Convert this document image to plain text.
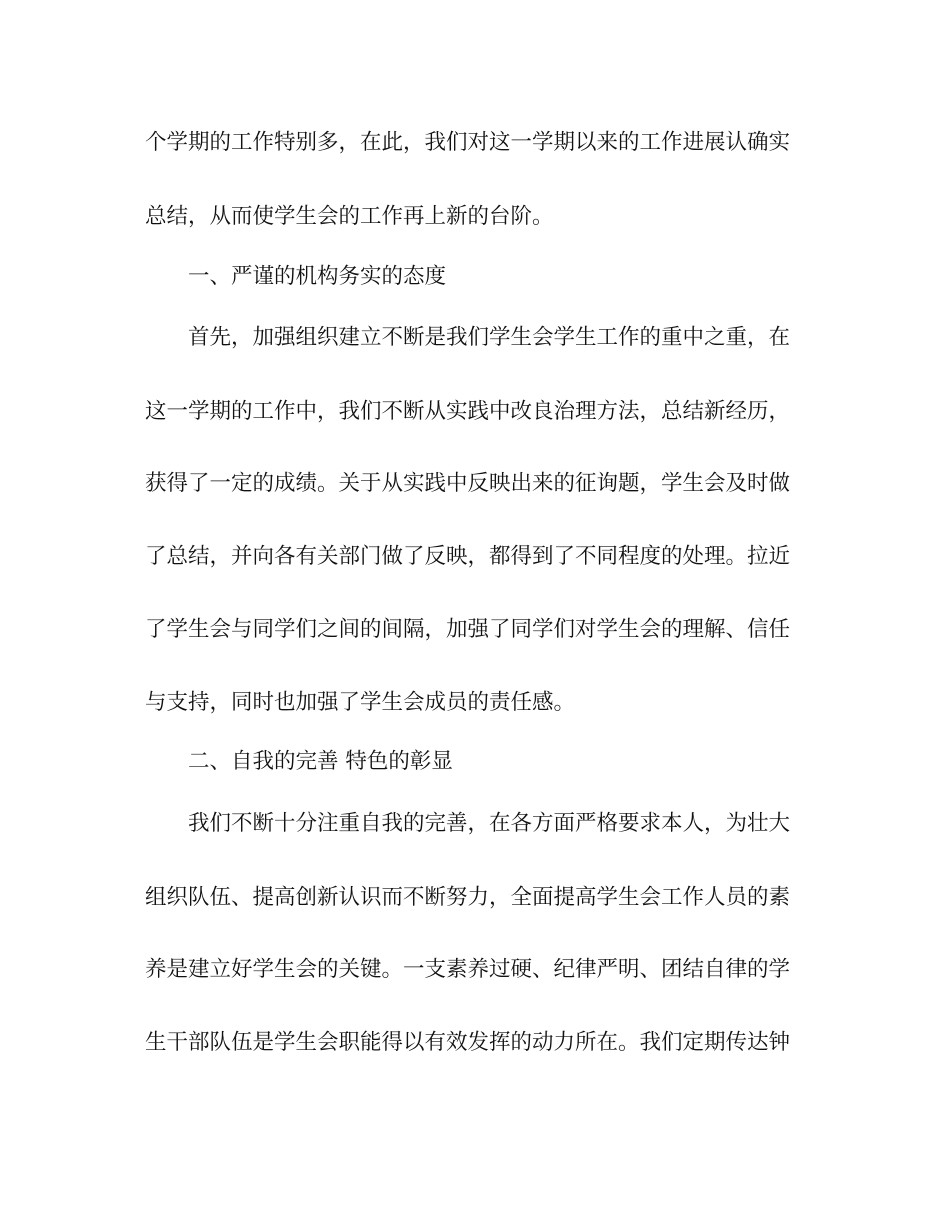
个学期的工作特别多，在此，我们对这一学期以来的工作进展认确实

总结，从而使学生会的工作再上新的台阶。

一、严谨的机构务实的态度

首先，加强组织建立不断是我们学生会学生工作的重中之重，在

这一学期的工作中，我们不断从实践中改良治理方法，总结新经历，

获得了一定的成绩。关于从实践中反映出来的征询题，学生会及时做

了总结，并向各有关部门做了反映，都得到了不同程度的处理。拉近

了学生会与同学们之间的间隔，加强了同学们对学生会的理解、信任

与支持，同时也加强了学生会成员的责任感。

二、自我的完善 特色的彰显

我们不断十分注重自我的完善，在各方面严格要求本人，为壮大

组织队伍、提高创新认识而不断努力，全面提高学生会工作人员的素

养是建立好学生会的关键。一支素养过硬、纪律严明、团结自律的学

生干部队伍是学生会职能得以有效发挥的动力所在。我们定期传达钟
